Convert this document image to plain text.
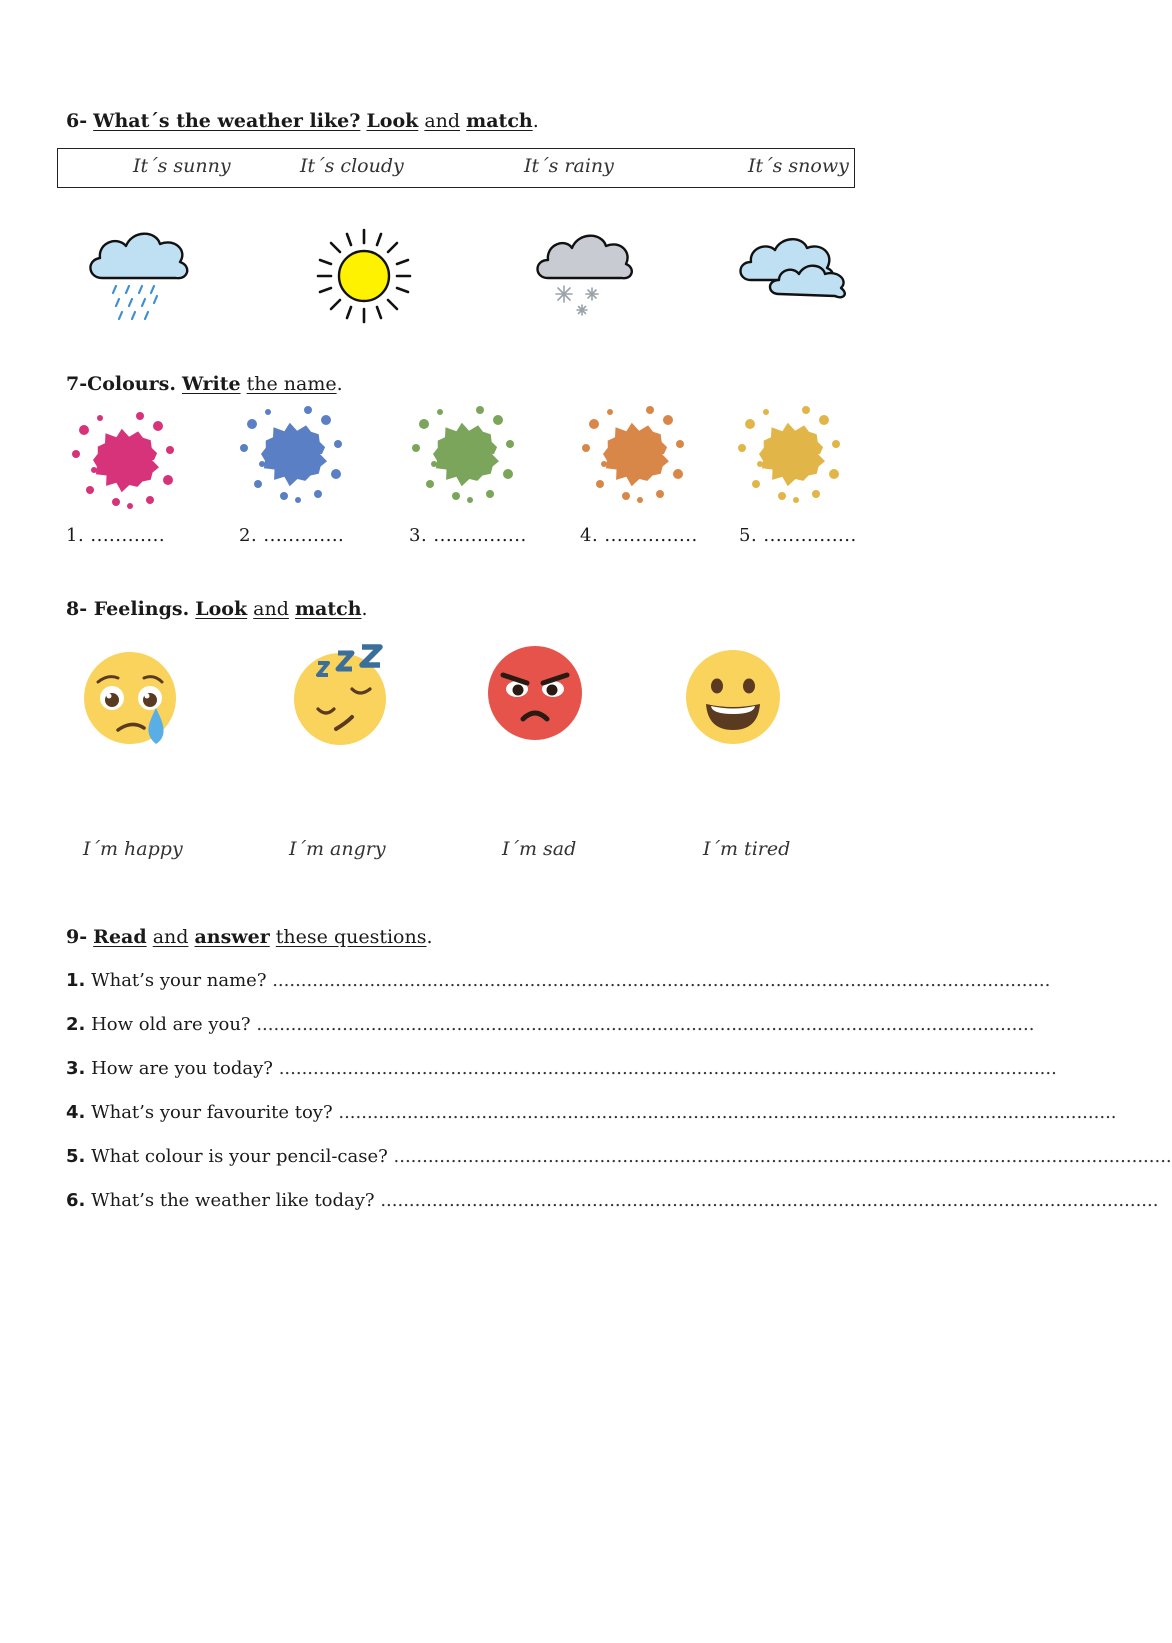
6- What´s the weather like? Look and match.
It´s sunny	It´s cloudy	It´s rainy	It´s snowy
7-Colours. Write the name.
1. ............	2. .............	3. ...............	4. ............... 5. ...............
8- Feelings. Look and match.
I´m happy	I´m angry	I´m sad	I´m tired
9- Read and answer these questions.
1. What’s your name? ........................................................................................................................................
2. How old are you? ........................................................................................................................................
3. How are you today? ........................................................................................................................................
4. What’s your favourite toy? ........................................................................................................................................
5. What colour is your pencil-case? ........................................................................................................................................
6. What’s the weather like today? ........................................................................................................................................
